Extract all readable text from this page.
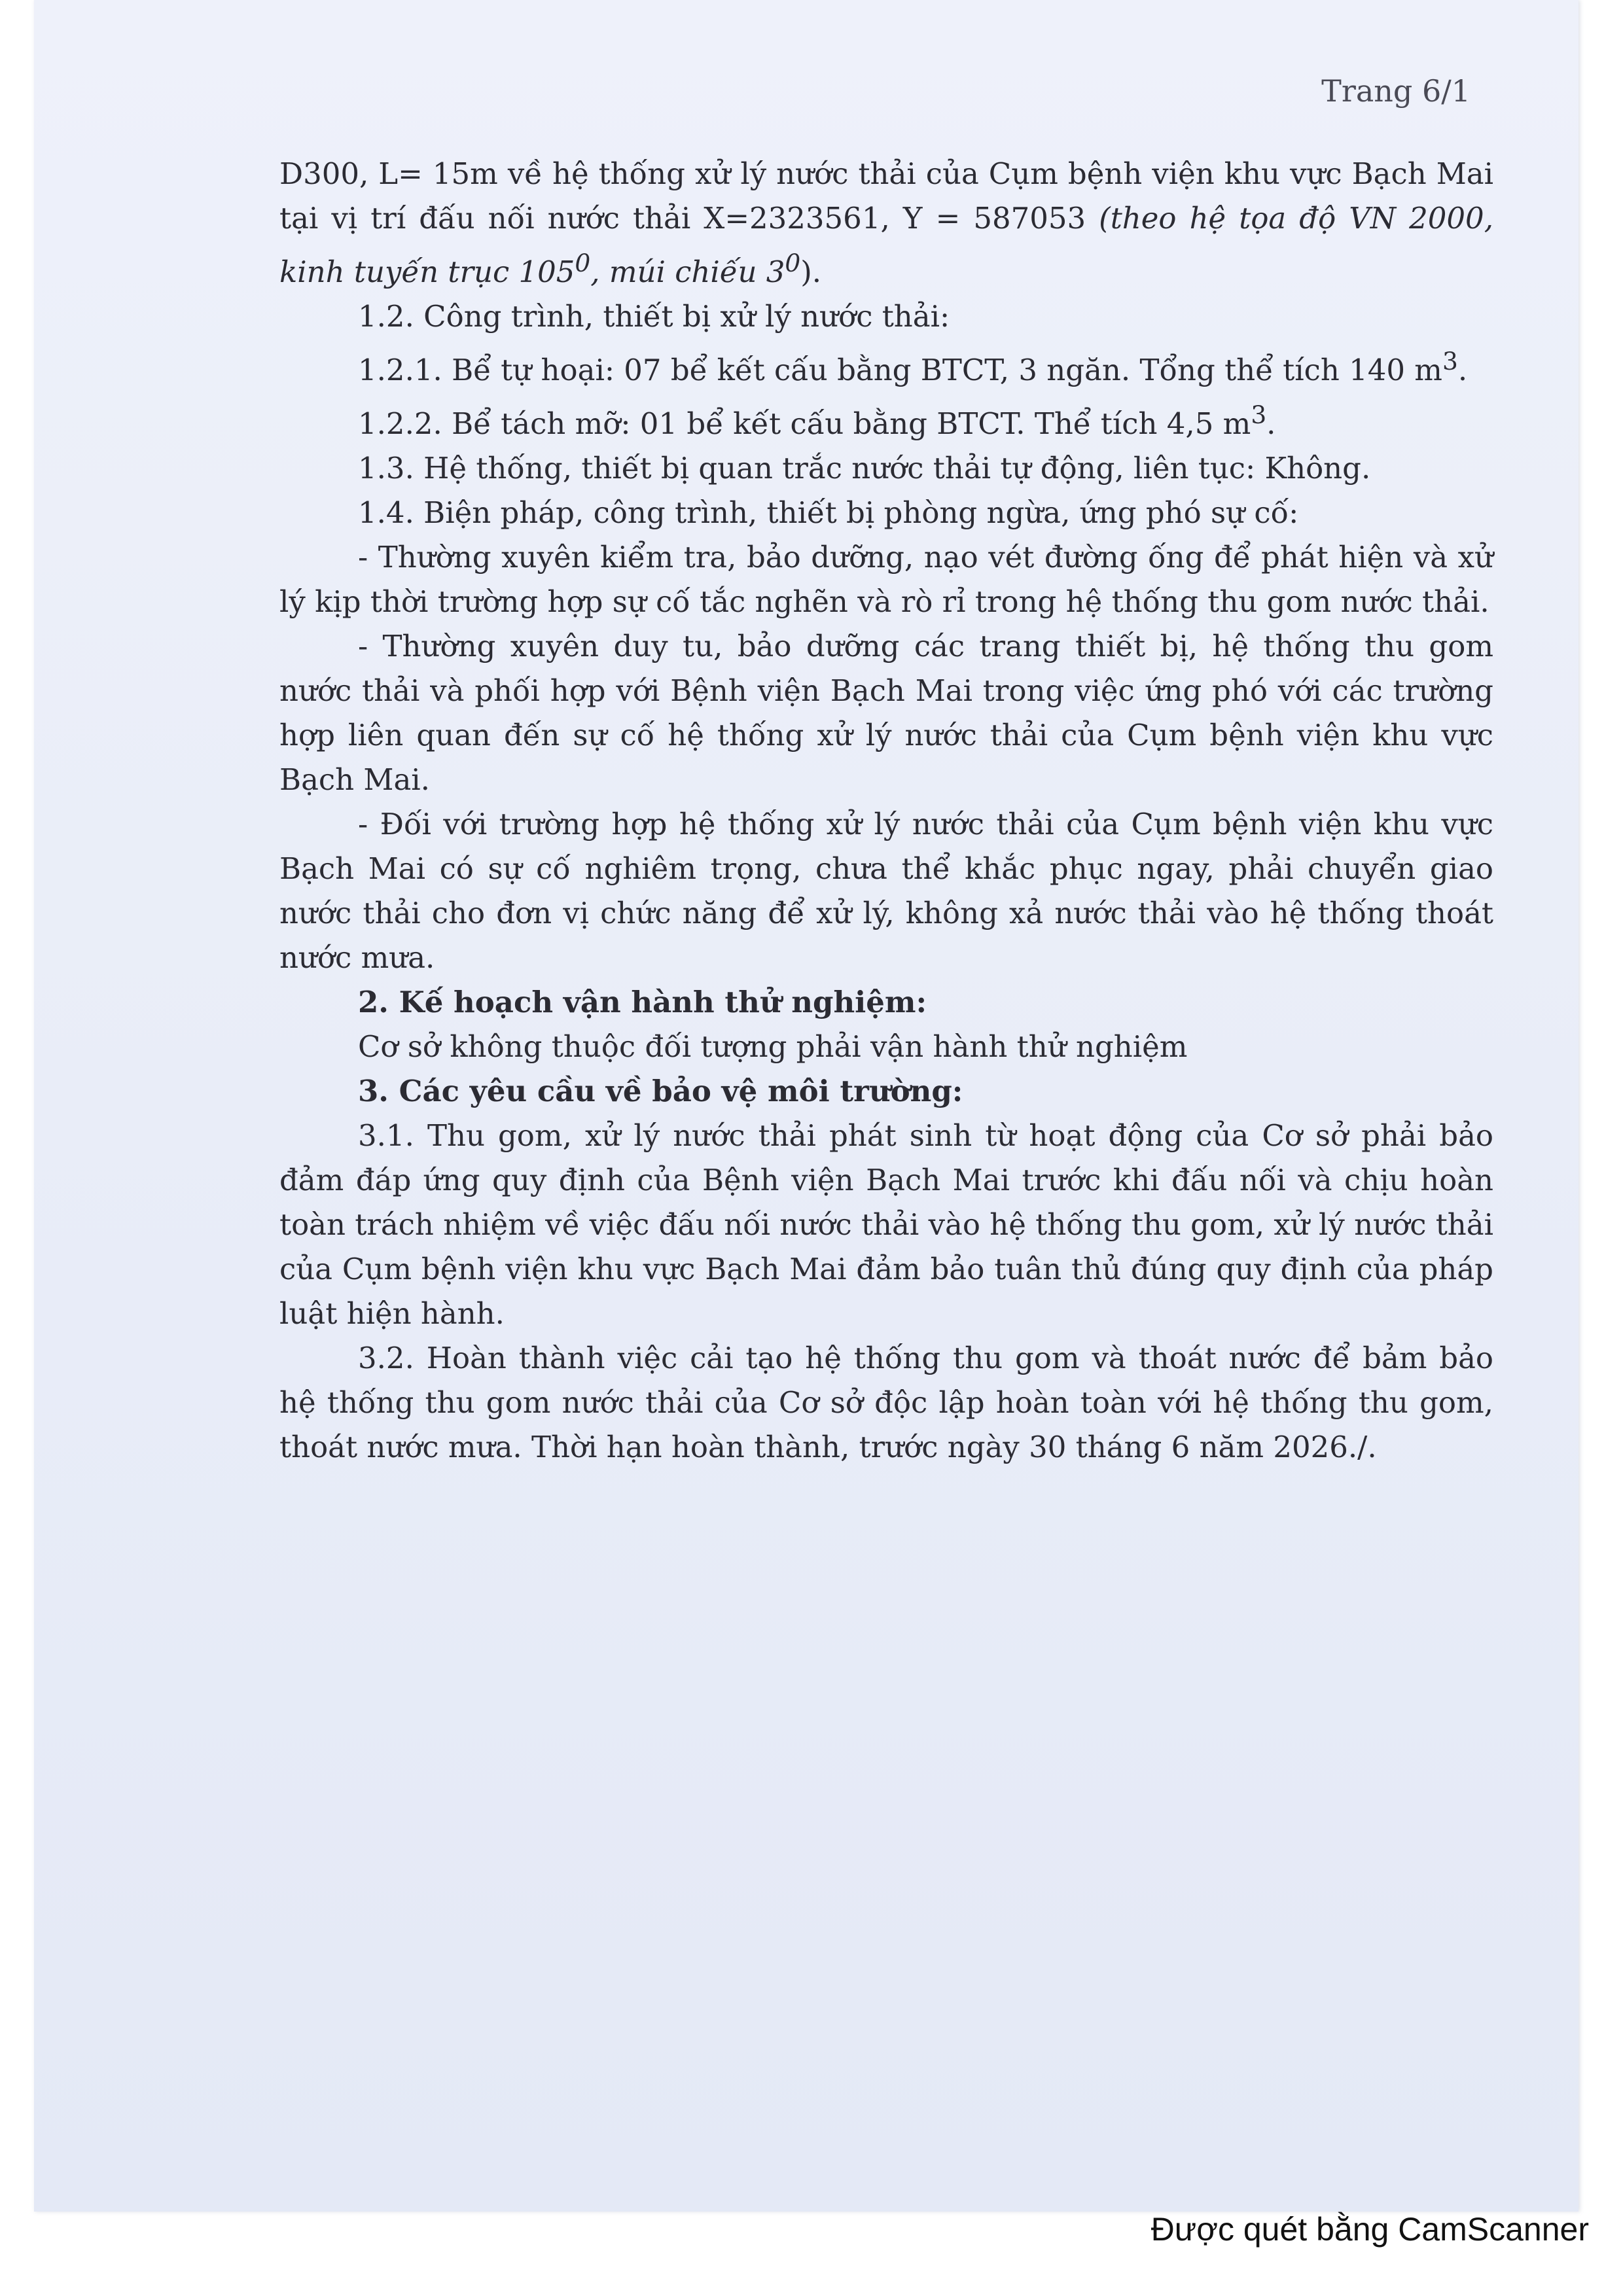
Trang 6/1

D300, L= 15m về hệ thống xử lý nước thải của Cụm bệnh viện khu vực Bạch Mai tại vị trí đấu nối nước thải X=2323561, Y = 587053 (theo hệ tọa độ VN 2000, kinh tuyến trục $105^0$, múi chiếu $3^0$).

1.2. Công trình, thiết bị xử lý nước thải:

1.2.1. Bể tự hoại: 07 bể kết cấu bằng BTCT, 3 ngăn. Tổng thể tích 140 $m^3$.

1.2.2. Bể tách mỡ: 01 bể kết cấu bằng BTCT. Thể tích 4,5 $m^3$.

1.3. Hệ thống, thiết bị quan trắc nước thải tự động, liên tục: Không.

1.4. Biện pháp, công trình, thiết bị phòng ngừa, ứng phó sự cố:

- Thường xuyên kiểm tra, bảo dưỡng, nạo vét đường ống để phát hiện và xử lý kịp thời trường hợp sự cố tắc nghẽn và rò rỉ trong hệ thống thu gom nước thải.

- Thường xuyên duy tu, bảo dưỡng các trang thiết bị, hệ thống thu gom nước thải và phối hợp với Bệnh viện Bạch Mai trong việc ứng phó với các trường hợp liên quan đến sự cố hệ thống xử lý nước thải của Cụm bệnh viện khu vực Bạch Mai.

- Đối với trường hợp hệ thống xử lý nước thải của Cụm bệnh viện khu vực Bạch Mai có sự cố nghiêm trọng, chưa thể khắc phục ngay, phải chuyển giao nước thải cho đơn vị chức năng để xử lý, không xả nước thải vào hệ thống thoát nước mưa.

2. Kế hoạch vận hành thử nghiệm:

Cơ sở không thuộc đối tượng phải vận hành thử nghiệm

3. Các yêu cầu về bảo vệ môi trường:

3.1. Thu gom, xử lý nước thải phát sinh từ hoạt động của Cơ sở phải bảo đảm đáp ứng quy định của Bệnh viện Bạch Mai trước khi đấu nối và chịu hoàn toàn trách nhiệm về việc đấu nối nước thải vào hệ thống thu gom, xử lý nước thải của Cụm bệnh viện khu vực Bạch Mai đảm bảo tuân thủ đúng quy định của pháp luật hiện hành.

3.2. Hoàn thành việc cải tạo hệ thống thu gom và thoát nước để bảm bảo hệ thống thu gom nước thải của Cơ sở độc lập hoàn toàn với hệ thống thu gom, thoát nước mưa. Thời hạn hoàn thành, trước ngày 30 tháng 6 năm 2026./.

Được quét bằng CamScanner
